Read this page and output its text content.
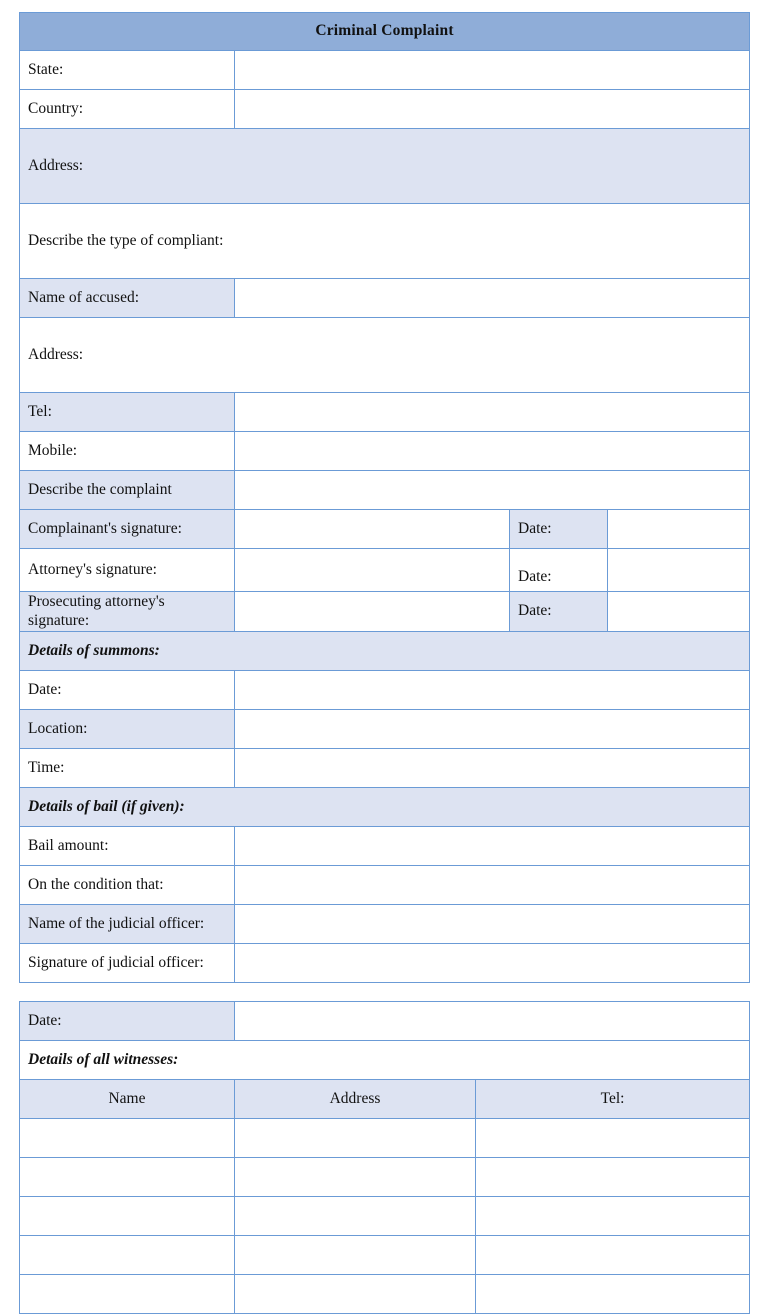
Criminal Complaint			
State:			
Country:			
Address:			
Describe the type of compliant:			
Name of accused:			
Address:			
Tel:			
Mobile:			
Describe the complaint			
Complainant's signature:		Date:	
Attorney's signature:		Date:	
Prosecuting attorney's signature:		Date:	
Details of summons:			
Date:			
Location:			
Time:			
Details of bail (if given):			
Bail amount:			
On the condition that:			
Name of the judicial officer:			
Signature of judicial officer:			
Date:		
Details of all witnesses:		
Name	Address	Tel:
